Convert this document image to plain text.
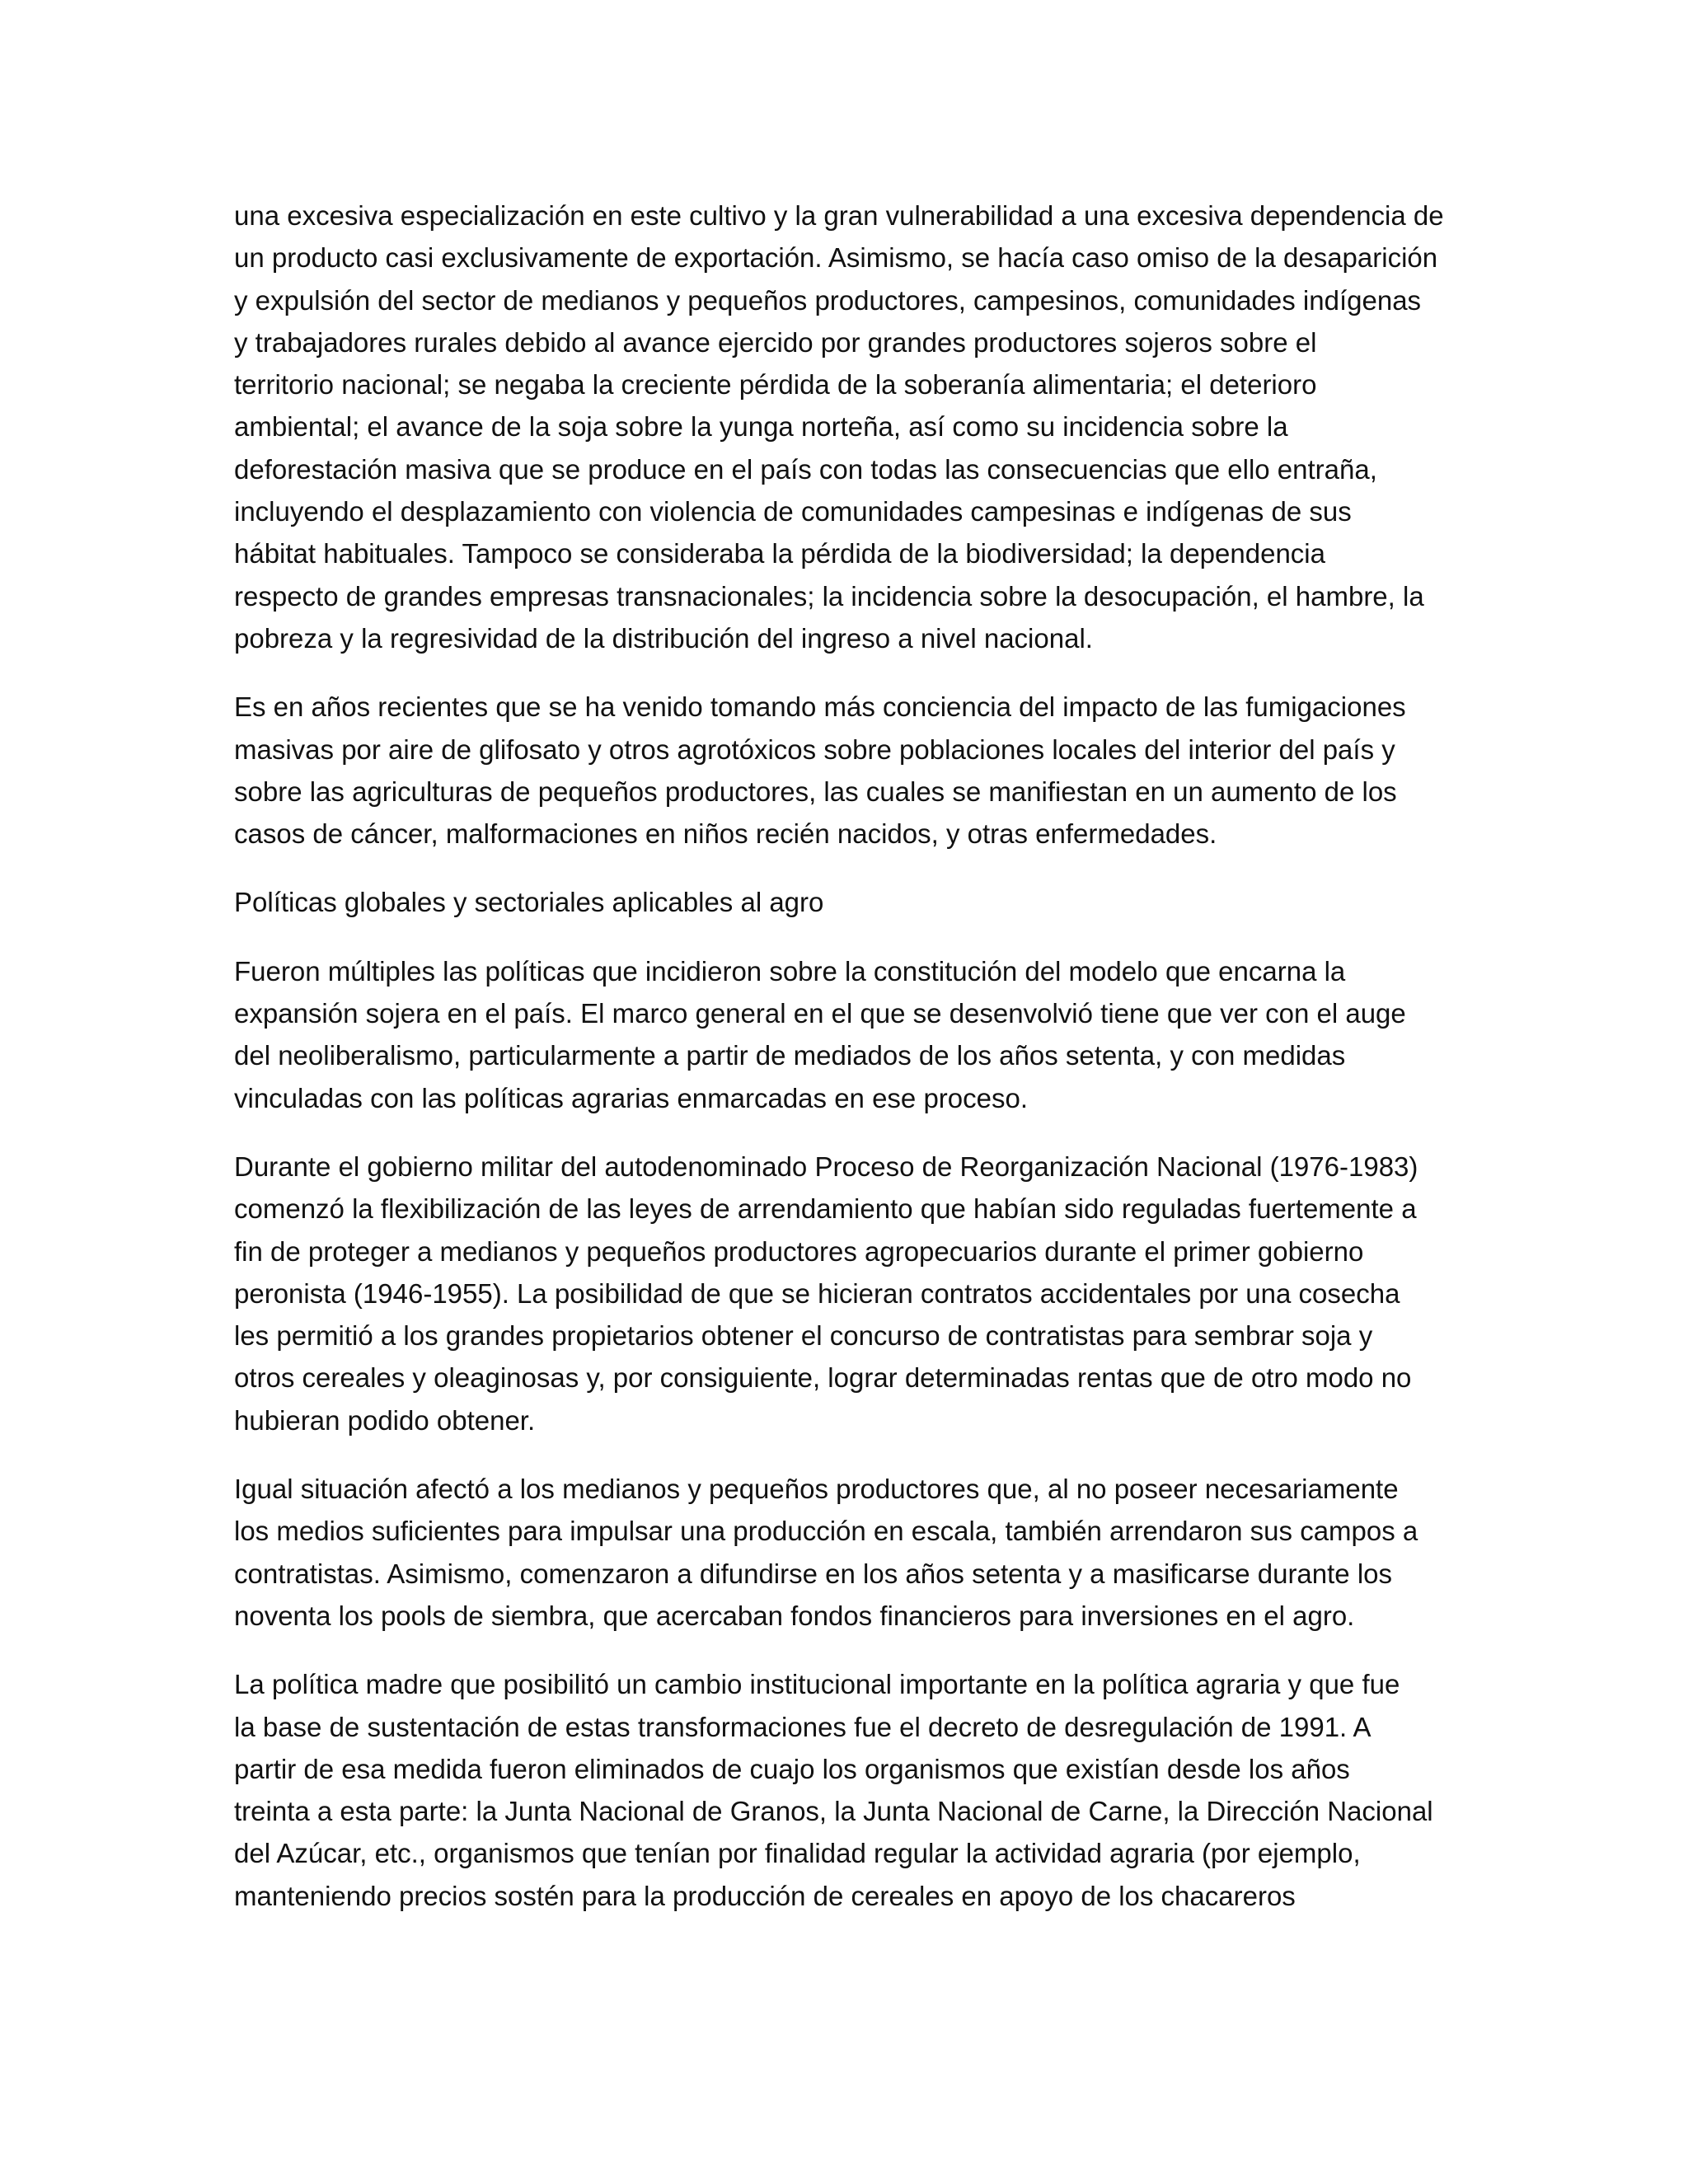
una excesiva especialización en este cultivo y la gran vulnerabilidad a una excesiva dependencia de
un producto casi exclusivamente de exportación. Asimismo, se hacía caso omiso de la desaparición
y expulsión del sector de medianos y pequeños productores, campesinos, comunidades indígenas
y trabajadores rurales debido al avance ejercido por grandes productores sojeros sobre el
territorio nacional; se negaba la creciente pérdida de la soberanía alimentaria; el deterioro
ambiental; el avance de la soja sobre la yunga norteña, así como su incidencia sobre la
deforestación masiva que se produce en el país con todas las consecuencias que ello entraña,
incluyendo el desplazamiento con violencia de comunidades campesinas e indígenas de sus
hábitat habituales. Tampoco se consideraba la pérdida de la biodiversidad; la dependencia
respecto de grandes empresas transnacionales; la incidencia sobre la desocupación, el hambre, la
pobreza y la regresividad de la distribución del ingreso a nivel nacional.

Es en años recientes que se ha venido tomando más conciencia del impacto de las fumigaciones
masivas por aire de glifosato y otros agrotóxicos sobre poblaciones locales del interior del país y
sobre las agriculturas de pequeños productores, las cuales se manifiestan en un aumento de los
casos de cáncer, malformaciones en niños recién nacidos, y otras enfermedades.

Políticas globales y sectoriales aplicables al agro

Fueron múltiples las políticas que incidieron sobre la constitución del modelo que encarna la
expansión sojera en el país. El marco general en el que se desenvolvió tiene que ver con el auge
del neoliberalismo, particularmente a partir de mediados de los años setenta, y con medidas
vinculadas con las políticas agrarias enmarcadas en ese proceso.

Durante el gobierno militar del autodenominado Proceso de Reorganización Nacional (1976-1983)
comenzó la flexibilización de las leyes de arrendamiento que habían sido reguladas fuertemente a
fin de proteger a medianos y pequeños productores agropecuarios durante el primer gobierno
peronista (1946-1955). La posibilidad de que se hicieran contratos accidentales por una cosecha
les permitió a los grandes propietarios obtener el concurso de contratistas para sembrar soja y
otros cereales y oleaginosas y, por consiguiente, lograr determinadas rentas que de otro modo no
hubieran podido obtener.

Igual situación afectó a los medianos y pequeños productores que, al no poseer necesariamente
los medios suficientes para impulsar una producción en escala, también arrendaron sus campos a
contratistas. Asimismo, comenzaron a difundirse en los años setenta y a masificarse durante los
noventa los pools de siembra, que acercaban fondos financieros para inversiones en el agro.

La política madre que posibilitó un cambio institucional importante en la política agraria y que fue
la base de sustentación de estas transformaciones fue el decreto de desregulación de 1991. A
partir de esa medida fueron eliminados de cuajo los organismos que existían desde los años
treinta a esta parte: la Junta Nacional de Granos, la Junta Nacional de Carne, la Dirección Nacional
del Azúcar, etc., organismos que tenían por finalidad regular la actividad agraria (por ejemplo,
manteniendo precios sostén para la producción de cereales en apoyo de los chacareros
